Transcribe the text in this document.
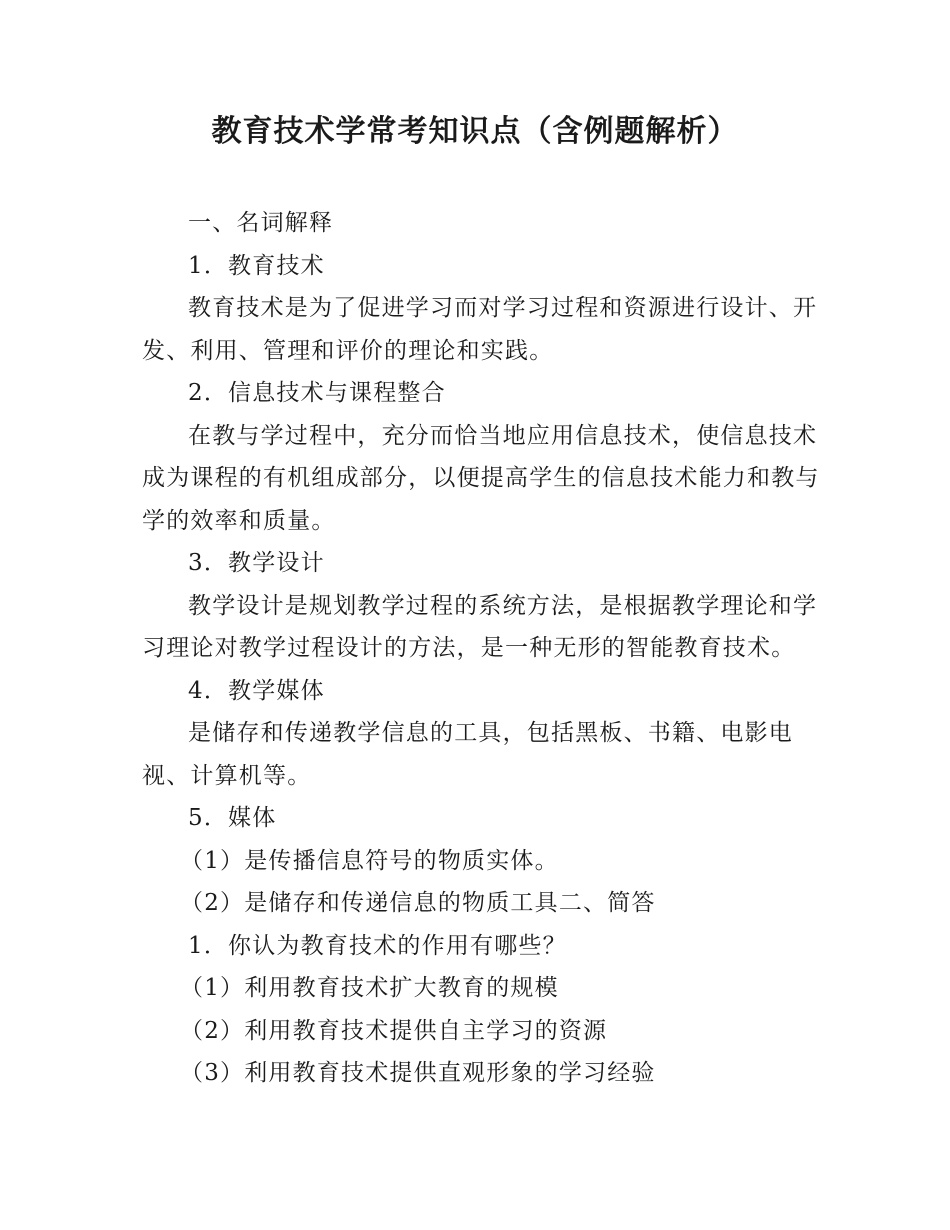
教育技术学常考知识点（含例题解析）

一、名词解释

1．教育技术

教育技术是为了促进学习而对学习过程和资源进行设计、开发、利用、管理和评价的理论和实践。

2．信息技术与课程整合

在教与学过程中，充分而恰当地应用信息技术，使信息技术成为课程的有机组成部分，以便提高学生的信息技术能力和教与学的效率和质量。

3．教学设计

教学设计是规划教学过程的系统方法，是根据教学理论和学习理论对教学过程设计的方法，是一种无形的智能教育技术。

4．教学媒体

是储存和传递教学信息的工具，包括黑板、书籍、电影电视、计算机等。

5．媒体

（1）是传播信息符号的物质实体。

（2）是储存和传递信息的物质工具二、简答

1．你认为教育技术的作用有哪些？

（1）利用教育技术扩大教育的规模

（2）利用教育技术提供自主学习的资源

（3）利用教育技术提供直观形象的学习经验
